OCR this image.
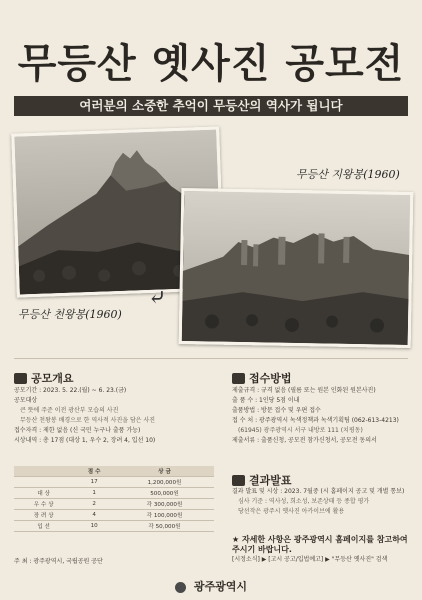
무등산 옛사진 공모전
여러분의 소중한 추억이 무등산의 역사가 됩니다
무등산 천왕봉(1960)
무등산 지왕봉(1960)
⤶
공모개요
공모기간 : 2023. 5. 22.(월) ~ 6. 23.(금)
공모대상
큰 뜻에 주준 이전 광산부 모습의 사진
무등산 천왕봉 배경으로 한 역사적 사진을 담은 사진
접수자격 : 제한 없음 (신 국민 누구나 출품 가능)
시상내역 : 총 17점 (대상 1, 우수 2, 장려 4, 입선 10)
	점 수	상 금
	17	1,200,000원
대 상	1	500,000원
우 수 상	2	각 300,000원
장 려 상	4	각 100,000원
입 선	10	각 50,000원
주 최 : 광주광역시, 국립공원 공단
접수방법
제출규격 : 규격 없음 (필름 또는 원본 인화된 원본사진)
출 품 수 : 1인당 5점 이내
출품방법 : 방문 접수 및 우편 접수
접 수 처 : 광주광역시 녹색정책과 녹색기획팀 (062-613-4213)
(61945) 광주광역시 서구 내방로 111 (치평동)
제출서류 : 출품신청, 공모전 참가신청서, 공모전 동의서
결과발표
결과 발표 및 시상 : 2023. 7월중 (시 홈페이지 공고 및 개별 통보)
심사 기준 : 역사성, 희소성, 보존상태 등 종합 평가
당선작은 광주시 옛사진 아카이브에 활용
★ 자세한 사항은 광주광역시 홈페이지를 참고하여
주시기 바랍니다.
[시정소식] ▶ [고시 공고/입법예고] ▶ "무등산 옛사진" 검색
광주광역시
